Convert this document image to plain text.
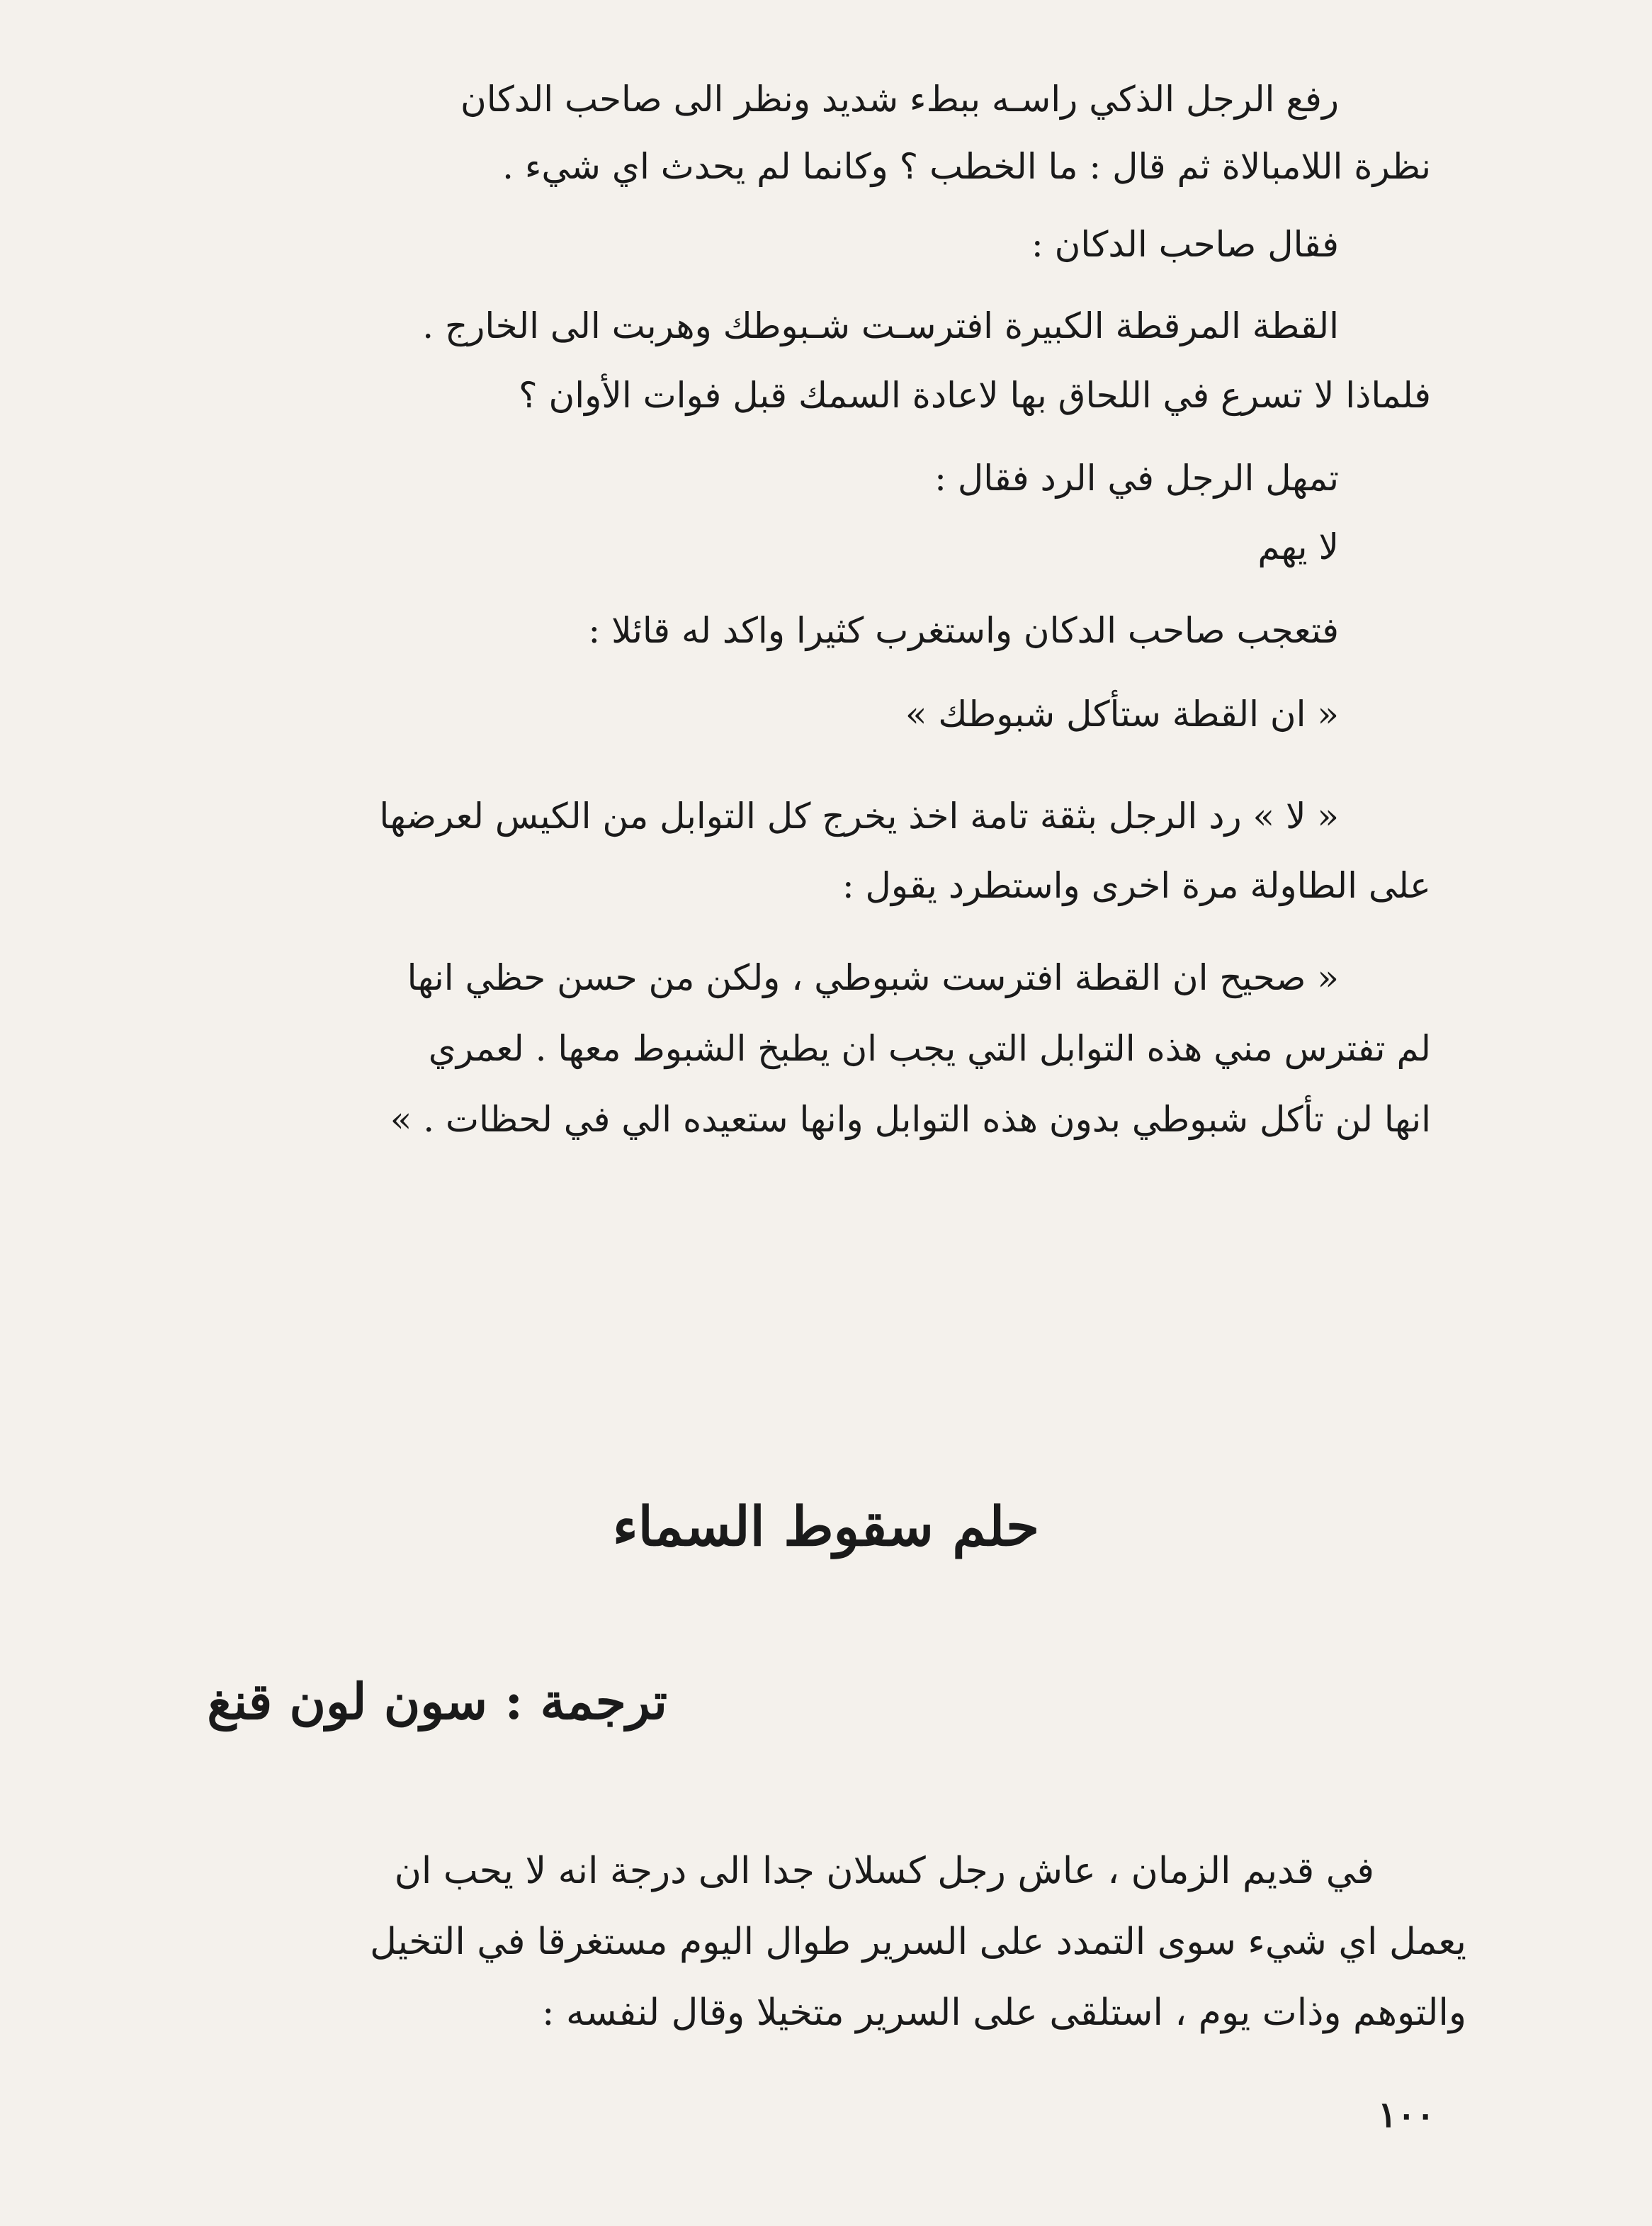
رفع الرجل الذكي راسـه ببطء شديد ونظر الى صاحب الدكان
نظرة اللامبالاة ثم قال : ما الخطب ؟ وكانما لم يحدث اي شيء .
فقال صاحب الدكان :
القطة المرقطة الكبيرة افترسـت شـبوطك وهربت الى الخارج .
فلماذا لا تسرع في اللحاق بها لاعادة السمك قبل فوات الأوان ؟
تمهل الرجل في الرد فقال :
لا يهم
فتعجب صاحب الدكان واستغرب كثيرا واكد له قائلا :
« ان القطة ستأكل شبوطك »
« لا » رد الرجل بثقة تامة اخذ يخرج كل التوابل من الكيس لعرضها
على الطاولة مرة اخرى واستطرد يقول :
« صحيح ان القطة افترست شبوطي ، ولكن من حسن حظي انها
لم تفترس مني هذه التوابل التي يجب ان يطبخ الشبوط معها . لعمري
انها لن تأكل شبوطي بدون هذه التوابل وانها ستعيده الي في لحظات . »
حلم سقوط السماء
ترجمة : سون لون قنغ
في قديم الزمان ، عاش رجل كسلان جدا الى درجة انه لا يحب ان
يعمل اي شيء سوى التمدد على السرير طوال اليوم مستغرقا في التخيل
والتوهم وذات يوم ، استلقى على السرير متخيلا وقال لنفسه :
١٠٠
